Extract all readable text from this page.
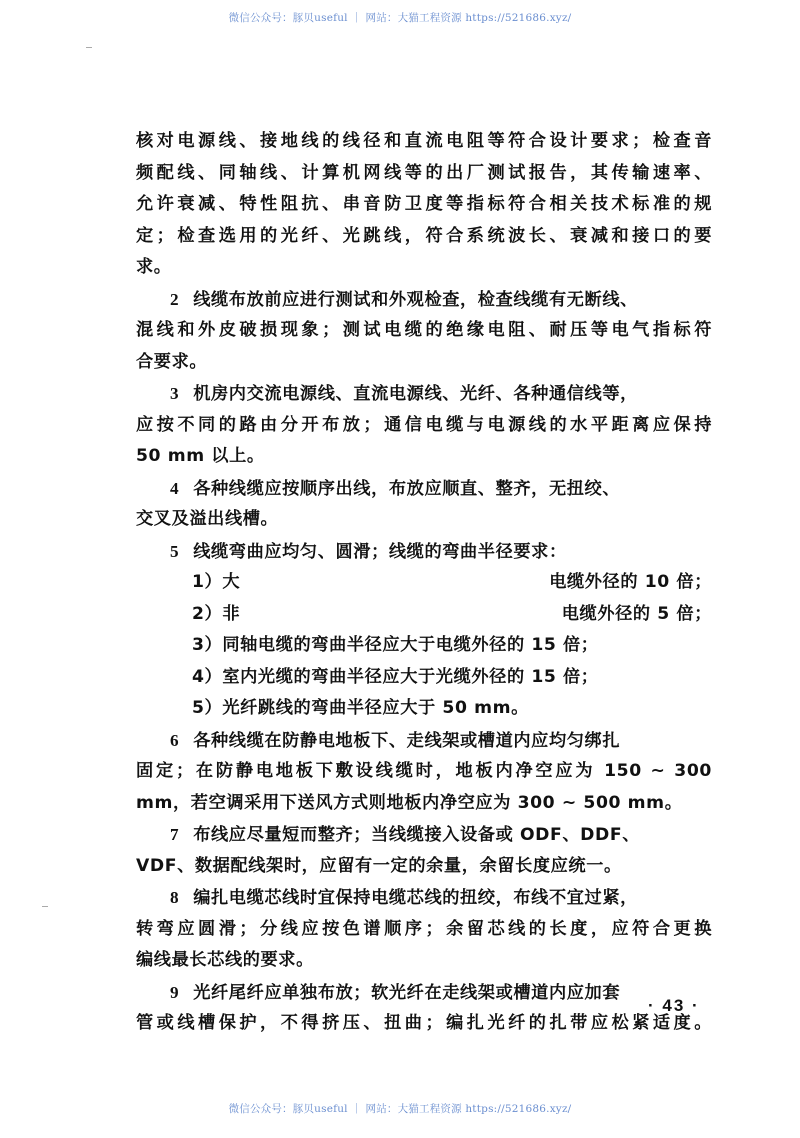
微信公众号：豚贝useful ｜ 网站：大猫工程资源 https://521686.xyz/
核对电源线、接地线的线径和直流电阻等符合设计要求；检查音
频配线、同轴线、计算机网线等的出厂测试报告，其传输速率、
允许衰减、特性阻抗、串音防卫度等指标符合相关技术标准的规
定；检查选用的光纤、光跳线，符合系统波长、衰减和接口的要
求。
2 线缆布放前应进行测试和外观检查，检查线缆有无断线、
混线和外皮破损现象；测试电缆的绝缘电阻、耐压等电气指标符
合要求。
3 机房内交流电源线、直流电源线、光纤、各种通信线等，
应按不同的路由分开布放；通信电缆与电源线的水平距离应保持
50 mm 以上。
4 各种线缆应按顺序出线，布放应顺直、整齐，无扭绞、
交叉及溢出线槽。
5 线缆弯曲应均匀、圆滑；线缆的弯曲半径要求：
1）大	电缆外径的 10 倍；
2）非	电缆外径的 5 倍；
3）同轴电缆的弯曲半径应大于电缆外径的 15 倍；
4）室内光缆的弯曲半径应大于光缆外径的 15 倍；
5）光纤跳线的弯曲半径应大于 50 mm。
6 各种线缆在防静电地板下、走线架或槽道内应均匀绑扎
固定；在防静电地板下敷设线缆时，地板内净空应为 150 ~ 300
mm，若空调采用下送风方式则地板内净空应为 300 ~ 500 mm。
7 布线应尽量短而整齐；当线缆接入设备或 ODF、DDF、
VDF、数据配线架时，应留有一定的余量，余留长度应统一。
8 编扎电缆芯线时宜保持电缆芯线的扭绞，布线不宜过紧，
转弯应圆滑；分线应按色谱顺序；余留芯线的长度，应符合更换
编线最长芯线的要求。
9 光纤尾纤应单独布放；软光纤在走线架或槽道内应加套
管或线槽保护，不得挤压、扭曲；编扎光纤的扎带应松紧适度。
· 43 ·
微信公众号：豚贝useful ｜ 网站：大猫工程资源 https://521686.xyz/
